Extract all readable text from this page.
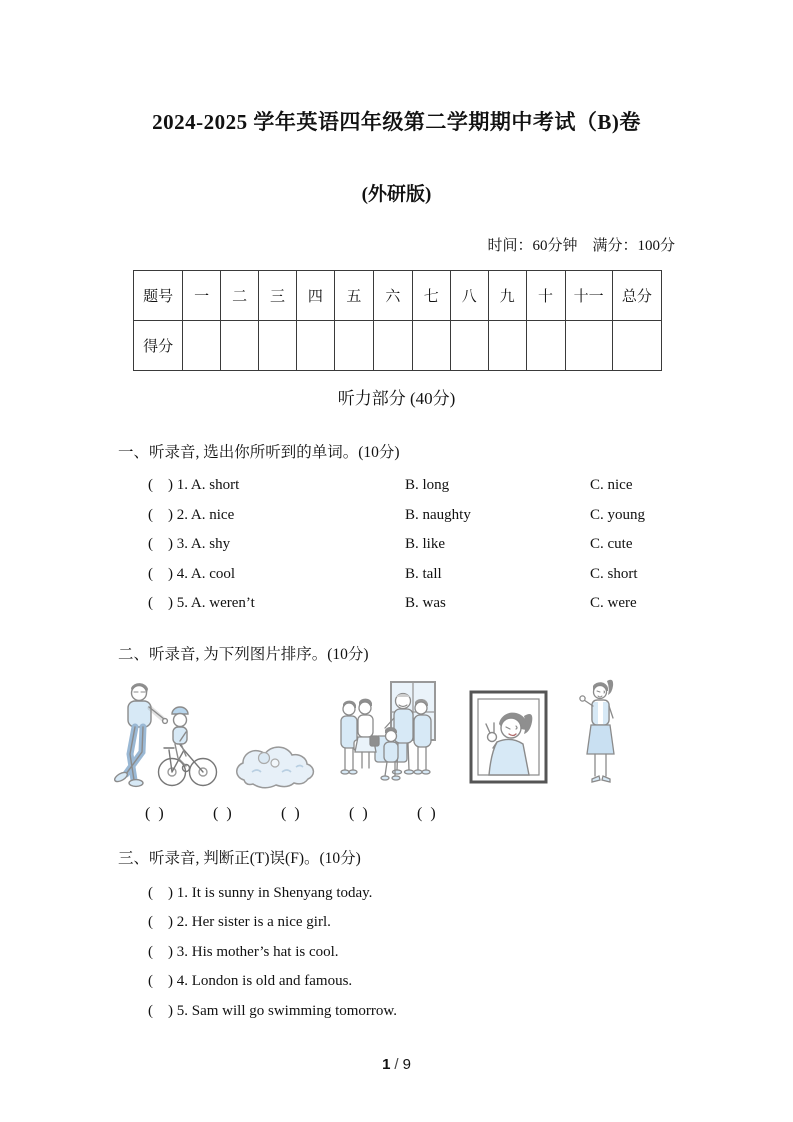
2024-2025 学年英语四年级第二学期期中考试（B)卷
(外研版)
时间：60分钟　满分：100分
题号	一	二	三	四	五	六	七	八	九	十	十一	总分
得分												
听力部分 (40分)
一、听录音, 选出你所听到的单词。(10分)
(    ) 1. A. short	B. long	C. nice
(    ) 2. A. nice	B. naughty	C. young
(    ) 3. A. shy	B. like	C. cute
(    ) 4. A. cool	B. tall	C. short
(    ) 5. A. weren’t	B. was	C. were
二、听录音, 为下列图片排序。(10分)
(  )	(  )	(  )	(  )	(  )
三、听录音, 判断正(T)误(F)。(10分)
(    ) 1. It is sunny in Shenyang today.
(    ) 2. Her sister is a nice girl.
(    ) 3. His mother’s hat is cool.
(    ) 4. London is old and famous.
(    ) 5. Sam will go swimming tomorrow.
1 / 9
